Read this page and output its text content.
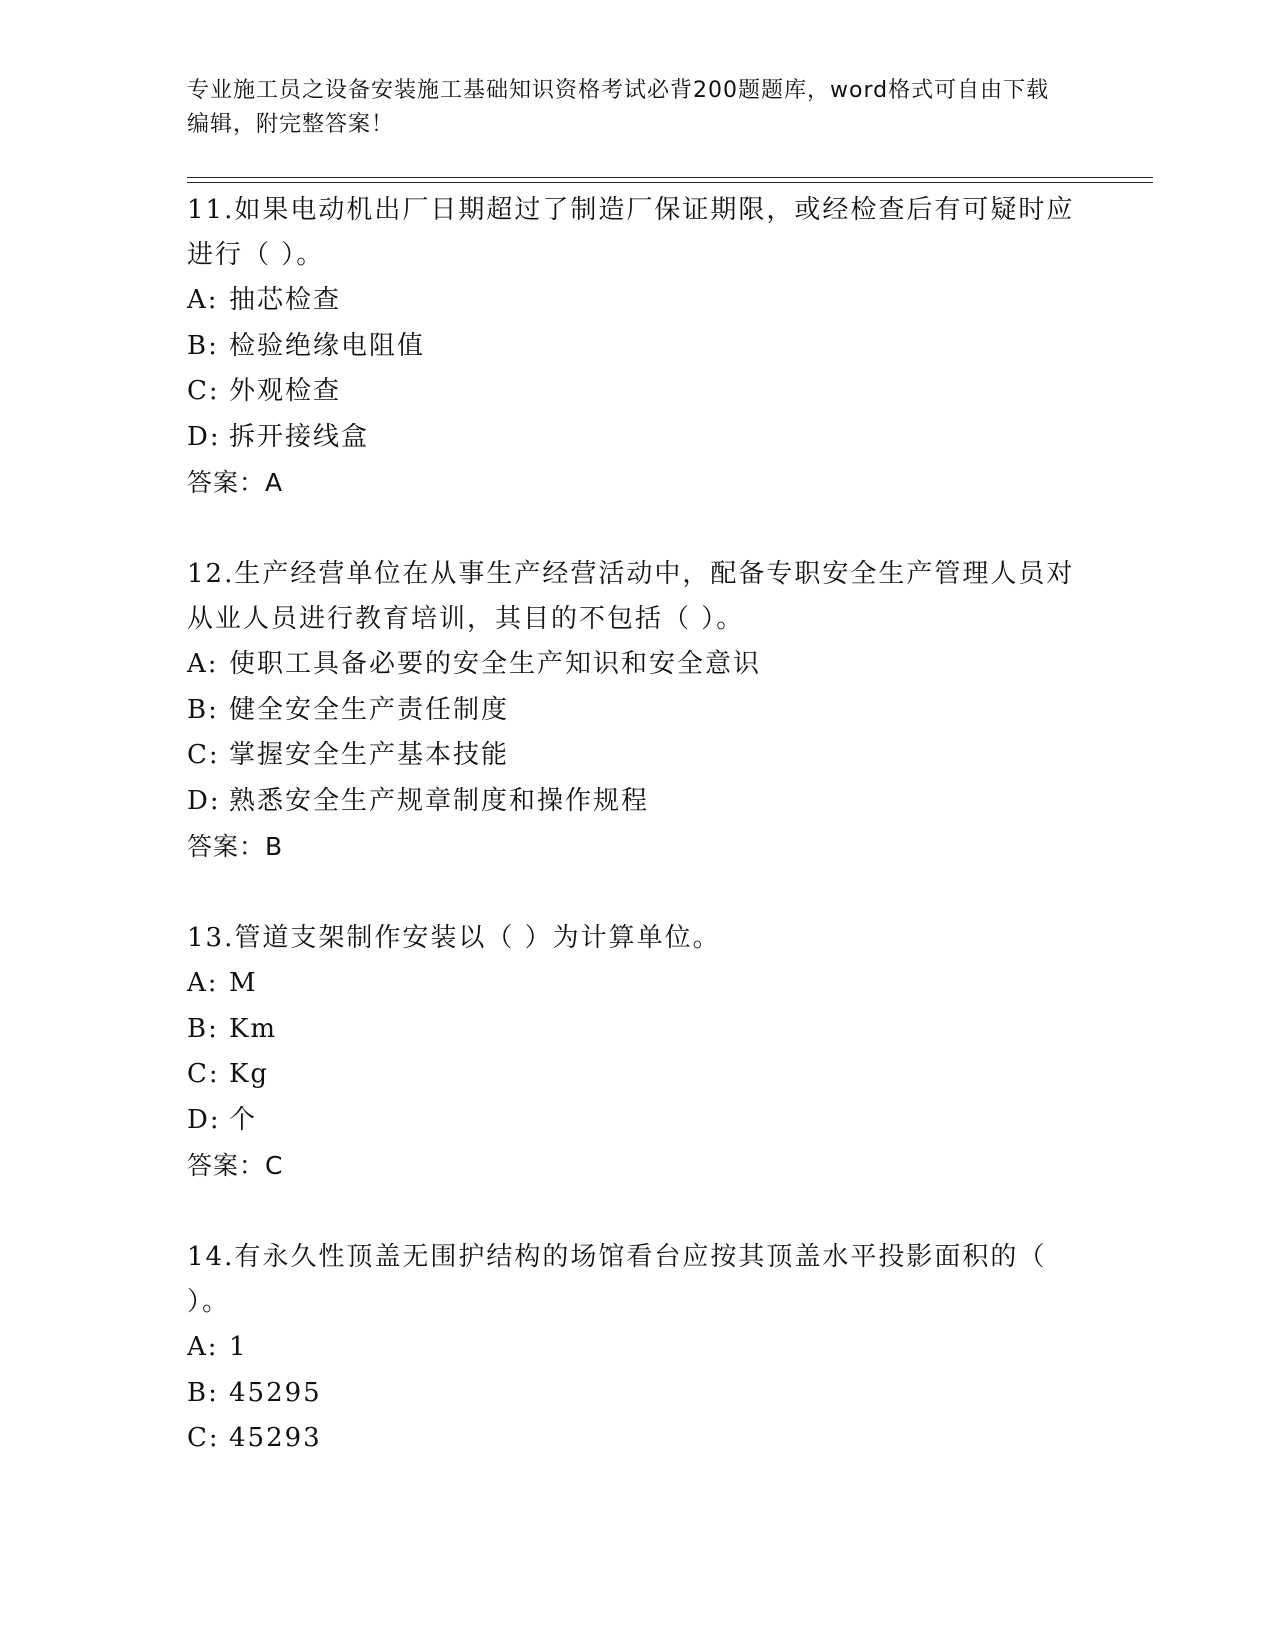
专业施工员之设备安装施工基础知识资格考试必背200题题库，word格式可自由下载编辑，附完整答案！
11.如果电动机出厂日期超过了制造厂保证期限，或经检查后有可疑时应进行（ ）。
A: 抽芯检查
B: 检验绝缘电阻值
C: 外观检查
D: 拆开接线盒
答案：A
12.生产经营单位在从事生产经营活动中，配备专职安全生产管理人员对从业人员进行教育培训，其目的不包括（ ）。
A: 使职工具备必要的安全生产知识和安全意识
B: 健全安全生产责任制度
C: 掌握安全生产基本技能
D: 熟悉安全生产规章制度和操作规程
答案：B
13.管道支架制作安装以（ ）为计算单位。
A: M
B: Km
C: Kg
D: 个
答案：C
14.有永久性顶盖无围护结构的场馆看台应按其顶盖水平投影面积的（ ）。
A: 1
B: 45295
C: 45293
